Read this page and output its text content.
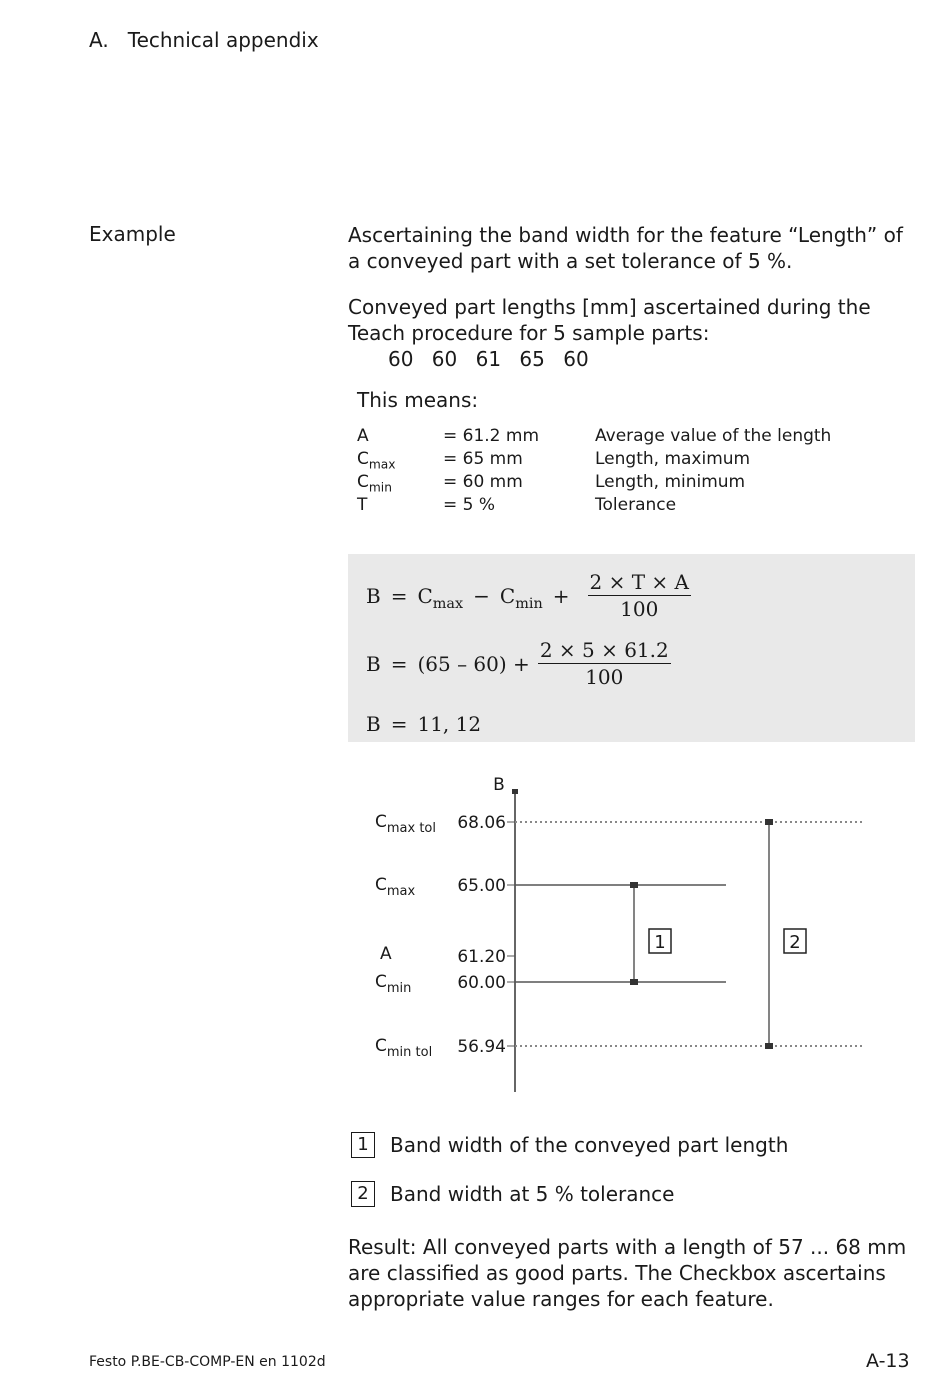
A. Technical appendix
Example	Ascertaining the band width for the feature “Length” of a conveyed part with a set tolerance of 5 %.
Conveyed part lengths [mm] ascertained during the Teach procedure for 5 sample parts:60 60 61 65 60
This means:
A	= 61.2 mm	Average value of the length
$C_{max}$	= 65 mm	Length, maximum
$C_{min}$	= 60 mm	Length, minimum
T	= 5 %	Tolerance
$B = C_{max} - C_{min} + \frac{2 \times T \times A}{100}$
$B = (65 - 60) + \frac{2 \times 5 \times 61.2}{100}$
B = 11, 12
B
68.06
$C_{max tol}$
65.00
$C_{max}$
61.20
A
60.00
$C_{min}$
56.94
$C_{min tol}$
1	2
1	Band width of the conveyed part length
2	Band width at 5 % tolerance
Result: All conveyed parts with a length of 57 ... 68 mm are classified as good parts. The Checkbox ascertains appropriate value ranges for each feature.
Festo P.BE-CB-COMP-EN en 1102d	A-13
